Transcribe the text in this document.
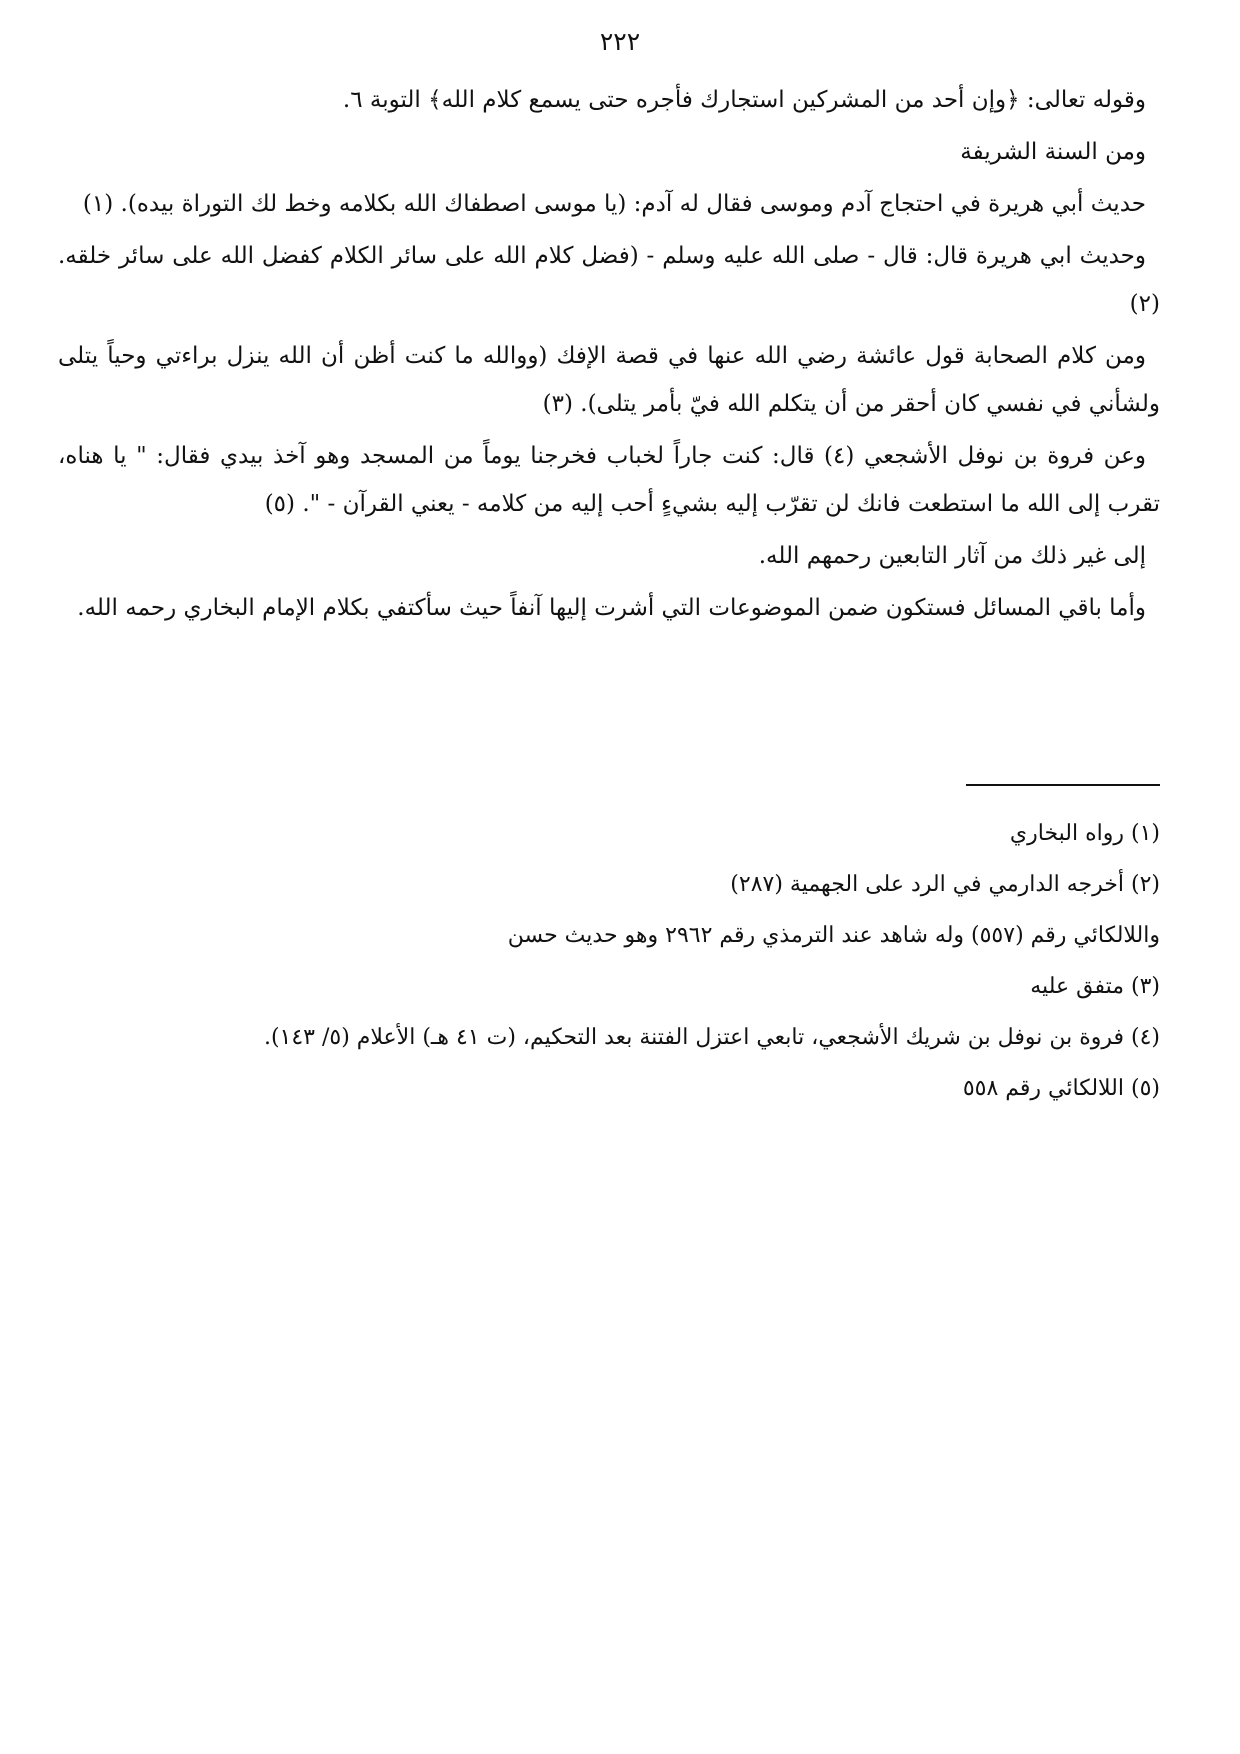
٢٢٢

وقوله تعالى: ﴿وإن أحد من المشركين استجارك فأجره حتى يسمع كلام الله﴾ التوبة ٦.

ومن السنة الشريفة

حديث أبي هريرة في احتجاج آدم وموسى فقال له آدم: (يا موسى اصطفاك الله بكلامه وخط لك التوراة بيده). (١)

وحديث ابي هريرة قال: قال - صلى الله عليه وسلم - (فضل كلام الله على سائر الكلام كفضل الله على سائر خلقه. (٢)

ومن كلام الصحابة قول عائشة رضي الله عنها في قصة الإفك (ووالله ما كنت أظن أن الله ينزل براءتي وحياً يتلى ولشأني في نفسي كان أحقر من أن يتكلم الله فيّ بأمر يتلى). (٣)

وعن فروة بن نوفل الأشجعي (٤) قال: كنت جاراً لخباب فخرجنا يوماً من المسجد وهو آخذ بيدي فقال: " يا هناه، تقرب إلى الله ما استطعت فانك لن تقرّب إليه بشيءٍ أحب إليه من كلامه - يعني القرآن - ". (٥)

إلى غير ذلك من آثار التابعين رحمهم الله.

وأما باقي المسائل فستكون ضمن الموضوعات التي أشرت إليها آنفاً حيث سأكتفي بكلام الإمام البخاري رحمه الله.

(١) رواه البخاري

(٢) أخرجه الدارمي في الرد على الجهمية (٢٨٧)

واللالكائي رقم (٥٥٧) وله شاهد عند الترمذي رقم ٢٩٦٢ وهو حديث حسن

(٣) متفق عليه

(٤) فروة بن نوفل بن شريك الأشجعي، تابعي اعتزل الفتنة بعد التحكيم، (ت ٤١ هـ) الأعلام (٥/ ١٤٣).

(٥) اللالكائي رقم ٥٥٨
